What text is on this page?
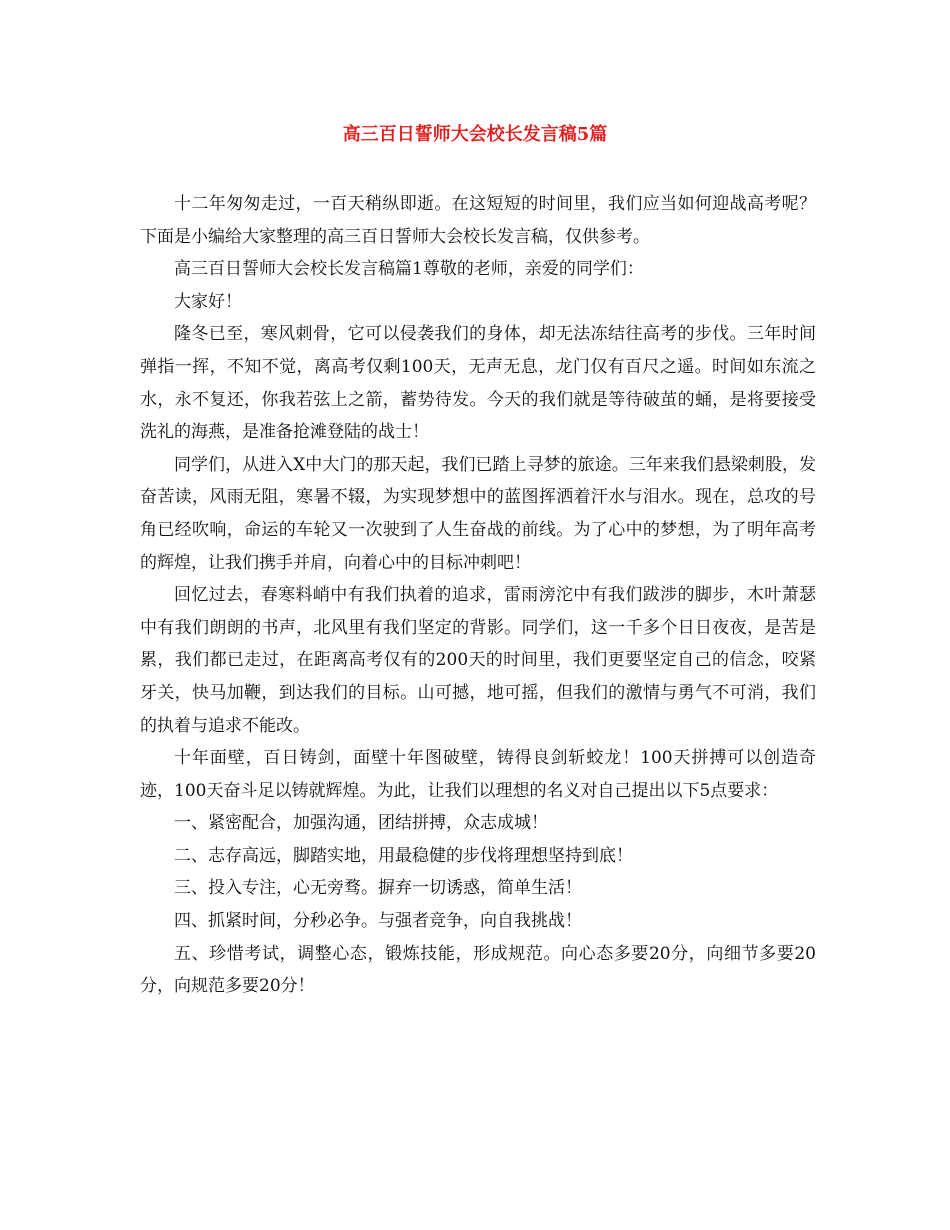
高三百日誓师大会校长发言稿5篇

十二年匆匆走过，一百天稍纵即逝。在这短短的时间里，我们应当如何迎战高考呢？下面是小编给大家整理的高三百日誓师大会校长发言稿，仅供参考。

高三百日誓师大会校长发言稿篇1尊敬的老师，亲爱的同学们：

大家好！

隆冬已至，寒风刺骨，它可以侵袭我们的身体，却无法冻结往高考的步伐。三年时间弹指一挥，不知不觉，离高考仅剩100天，无声无息，龙门仅有百尺之遥。时间如东流之水，永不复还，你我若弦上之箭，蓄势待发。今天的我们就是等待破茧的蛹，是将要接受洗礼的海燕，是准备抢滩登陆的战士！

同学们，从进入X中大门的那天起，我们已踏上寻梦的旅途。三年来我们悬梁刺股，发奋苦读，风雨无阻，寒暑不辍，为实现梦想中的蓝图挥洒着汗水与泪水。现在，总攻的号角已经吹响，命运的车轮又一次驶到了人生奋战的前线。为了心中的梦想，为了明年高考的辉煌，让我们携手并肩，向着心中的目标冲刺吧！

回忆过去，春寒料峭中有我们执着的追求，雷雨滂沱中有我们跋涉的脚步，木叶萧瑟中有我们朗朗的书声，北风里有我们坚定的背影。同学们，这一千多个日日夜夜，是苦是累，我们都已走过，在距离高考仅有的200天的时间里，我们更要坚定自己的信念，咬紧牙关，快马加鞭，到达我们的目标。山可撼，地可摇，但我们的激情与勇气不可消，我们的执着与追求不能改。

十年面壁，百日铸剑，面壁十年图破壁，铸得良剑斩蛟龙！100天拼搏可以创造奇迹，100天奋斗足以铸就辉煌。为此，让我们以理想的名义对自己提出以下5点要求：

一、紧密配合，加强沟通，团结拼搏，众志成城！

二、志存高远，脚踏实地，用最稳健的步伐将理想坚持到底！

三、投入专注，心无旁骛。摒弃一切诱惑，简单生活！

四、抓紧时间，分秒必争。与强者竞争，向自我挑战！

五、珍惜考试，调整心态，锻炼技能，形成规范。向心态多要20分，向细节多要20分，向规范多要20分！
